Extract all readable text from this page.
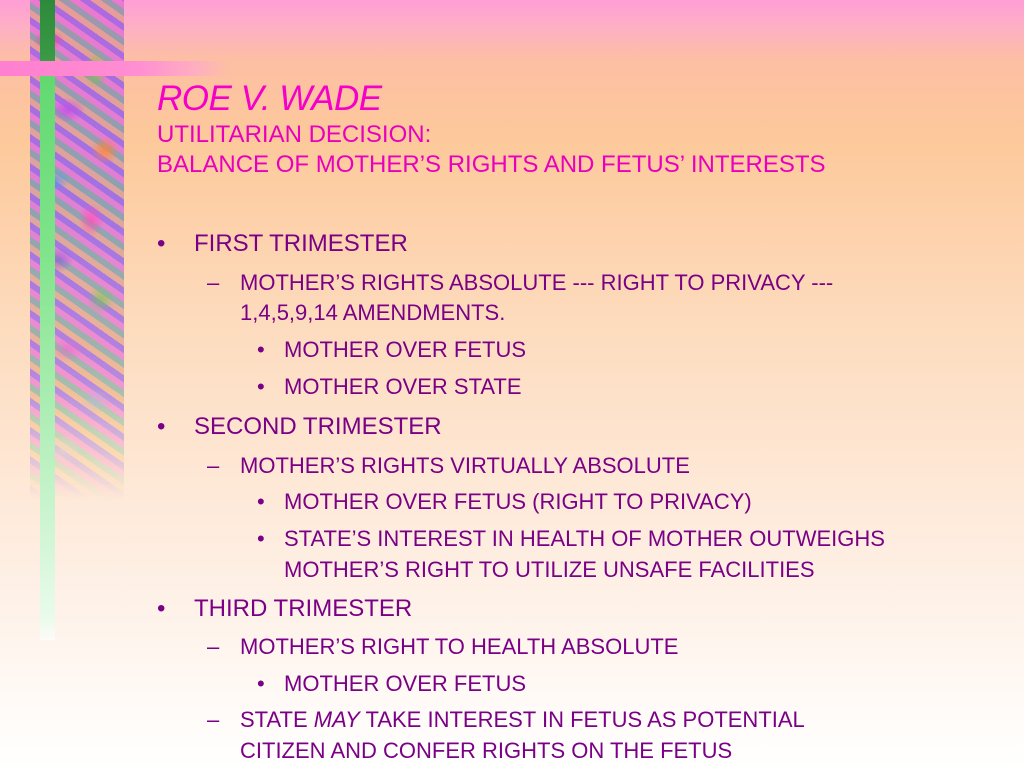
ROE V. WADE

UTILITARIAN DECISION:

BALANCE OF MOTHER’S RIGHTS AND FETUS’ INTERESTS

• FIRST TRIMESTER
– MOTHER’S RIGHTS ABSOLUTE --- RIGHT TO PRIVACY ---
1,4,5,9,14 AMENDMENTS.
• MOTHER OVER FETUS
• MOTHER OVER STATE
• SECOND TRIMESTER
– MOTHER’S RIGHTS VIRTUALLY ABSOLUTE
• MOTHER OVER FETUS (RIGHT TO PRIVACY)
• STATE’S INTEREST IN HEALTH OF MOTHER OUTWEIGHS
MOTHER’S RIGHT TO UTILIZE UNSAFE FACILITIES
• THIRD TRIMESTER
– MOTHER’S RIGHT TO HEALTH ABSOLUTE
• MOTHER OVER FETUS
– STATE MAY TAKE INTEREST IN FETUS AS POTENTIAL
CITIZEN AND CONFER RIGHTS ON THE FETUS
